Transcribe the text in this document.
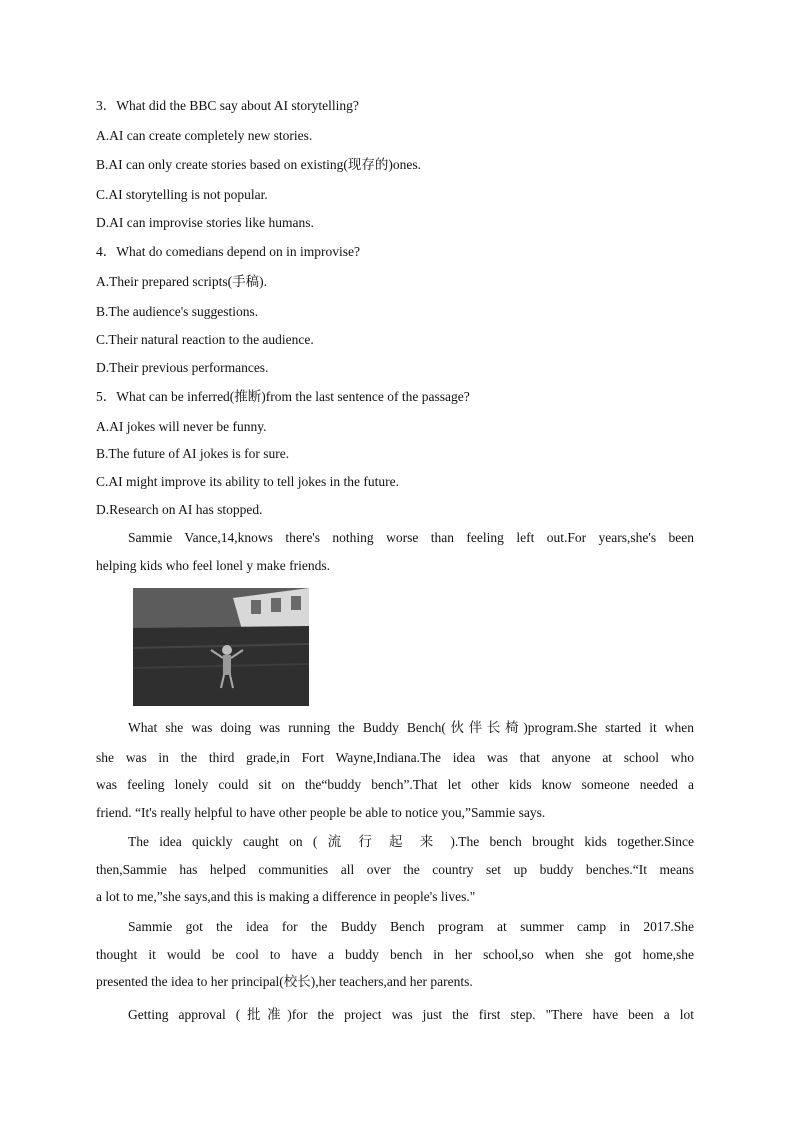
3．What did the BBC say about AI storytelling?
A.AI can create completely new stories.
B.AI can only create stories based on existing(现存的)ones.
C.AI storytelling is not popular.
D.AI can improvise stories like humans.
4．What do comedians depend on in improvise?
A.Their prepared scripts(手稿).
B.The audience's suggestions.
C.Their natural reaction to the audience.
D.Their previous performances.
5．What can be inferred(推断)from the last sentence of the passage?
A.AI jokes will never be funny.
B.The future of AI jokes is for sure.
C.AI might improve its ability to tell jokes in the future.
D.Research on AI has stopped.
Sammie Vance,14,knows there's nothing worse than feeling left out.For years,she's been
helping kids who feel lonel y make friends.
What she was doing was running the Buddy Bench(伙伴长椅)program.She started it when
she was in the third grade,in Fort Wayne,Indiana.The idea was that anyone at school who
was feeling lonely could sit on the“buddy bench”.That let other kids know someone needed a
friend. “It's really helpful to have other people be able to notice you,”Sammie says.
The idea quickly caught on ( 流 行 起 来 ).The bench brought kids together.Since
then,Sammie has helped communities all over the country set up buddy benches.“It means
a lot to me,”she says,and this is making a difference in people's lives."
Sammie got the idea for the Buddy Bench program at summer camp in 2017.She
thought it would be cool to have a buddy bench in her school,so when she got home,she
presented the idea to her principal(校长),her teachers,and her parents.
Getting approval (批准)for the project was just the first step. "There have been a lot
